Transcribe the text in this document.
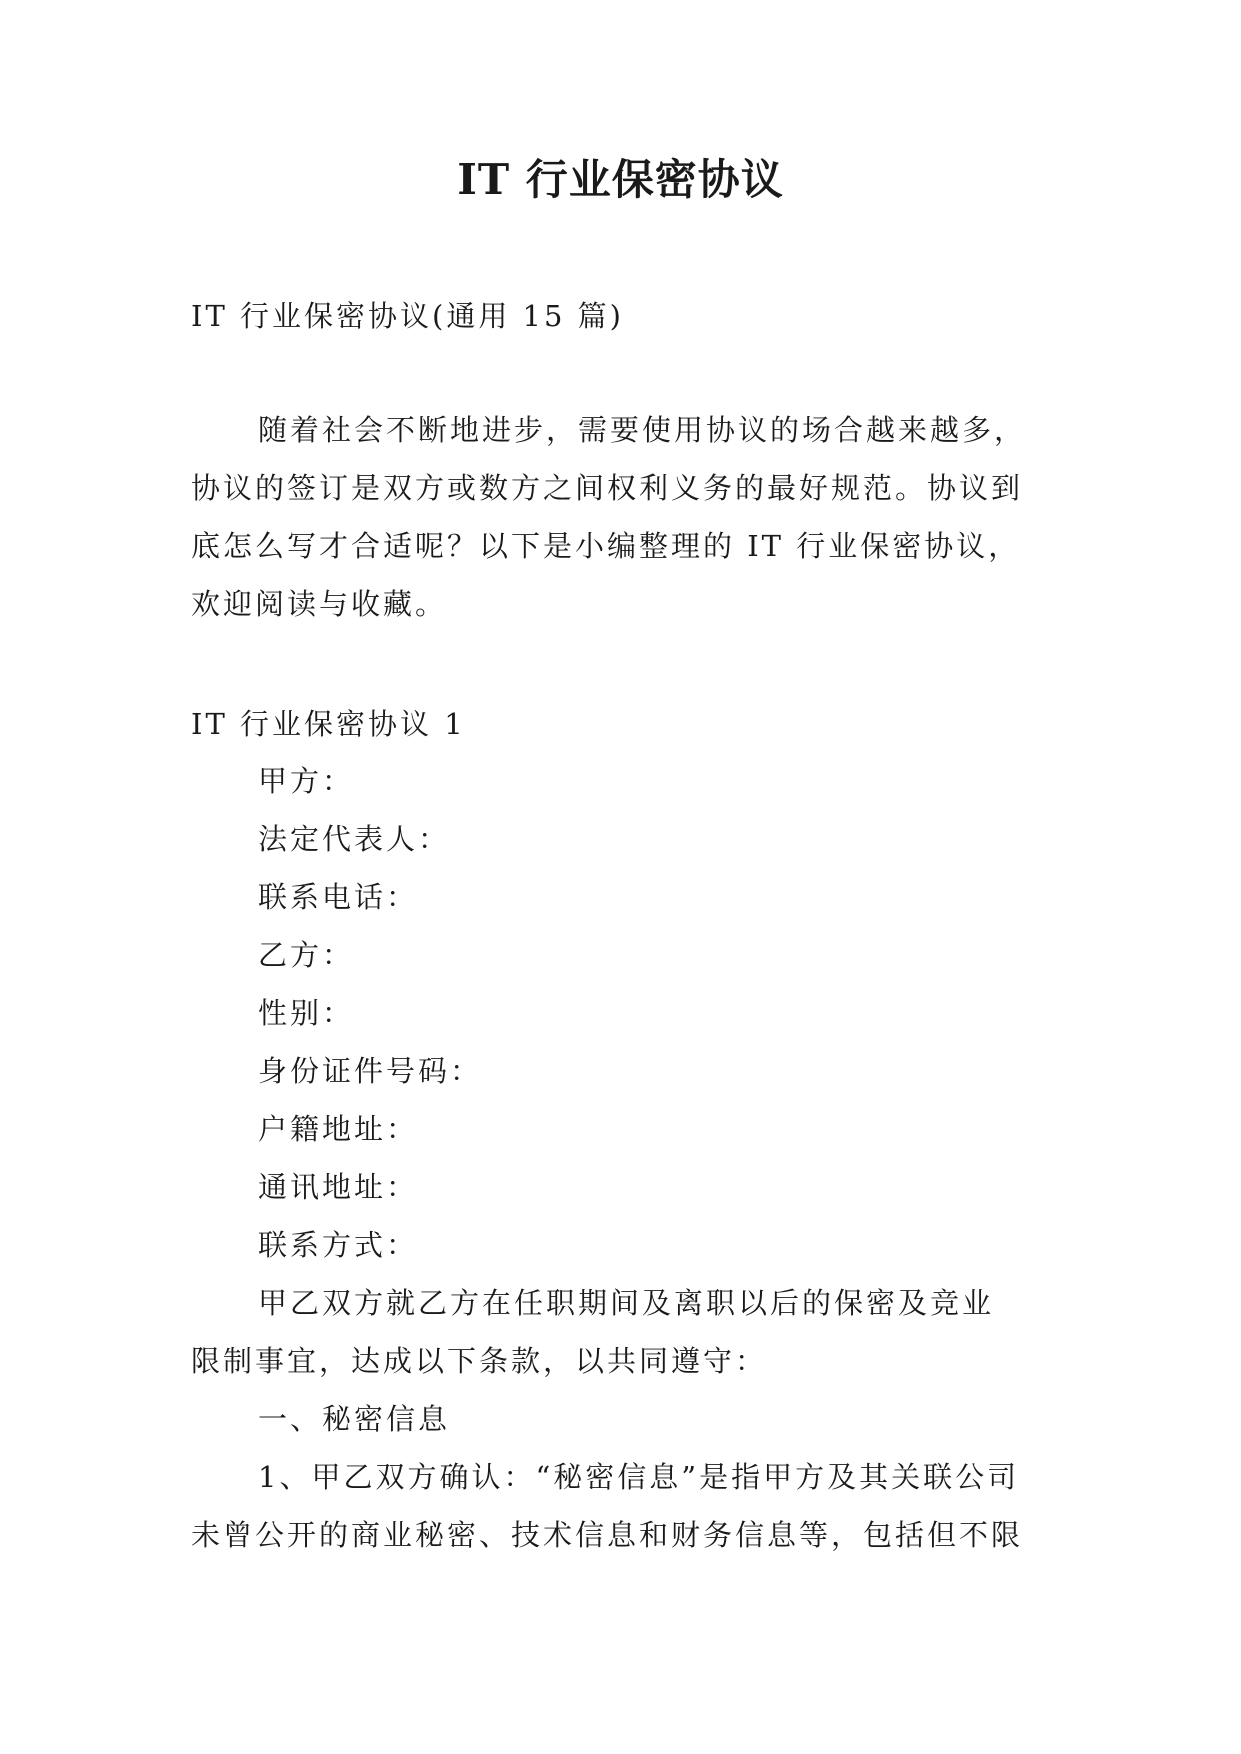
IT 行业保密协议

IT 行业保密协议(通用 15 篇)

随着社会不断地进步，需要使用协议的场合越来越多，

协议的签订是双方或数方之间权利义务的最好规范。协议到

底怎么写才合适呢？以下是小编整理的 IT 行业保密协议，

欢迎阅读与收藏。

IT 行业保密协议 1

甲方：

法定代表人：

联系电话：

乙方：

性别：

身份证件号码：

户籍地址：

通讯地址：

联系方式：

甲乙双方就乙方在任职期间及离职以后的保密及竞业

限制事宜，达成以下条款，以共同遵守：

一、秘密信息

1、甲乙双方确认：“秘密信息”是指甲方及其关联公司

未曾公开的商业秘密、技术信息和财务信息等，包括但不限
